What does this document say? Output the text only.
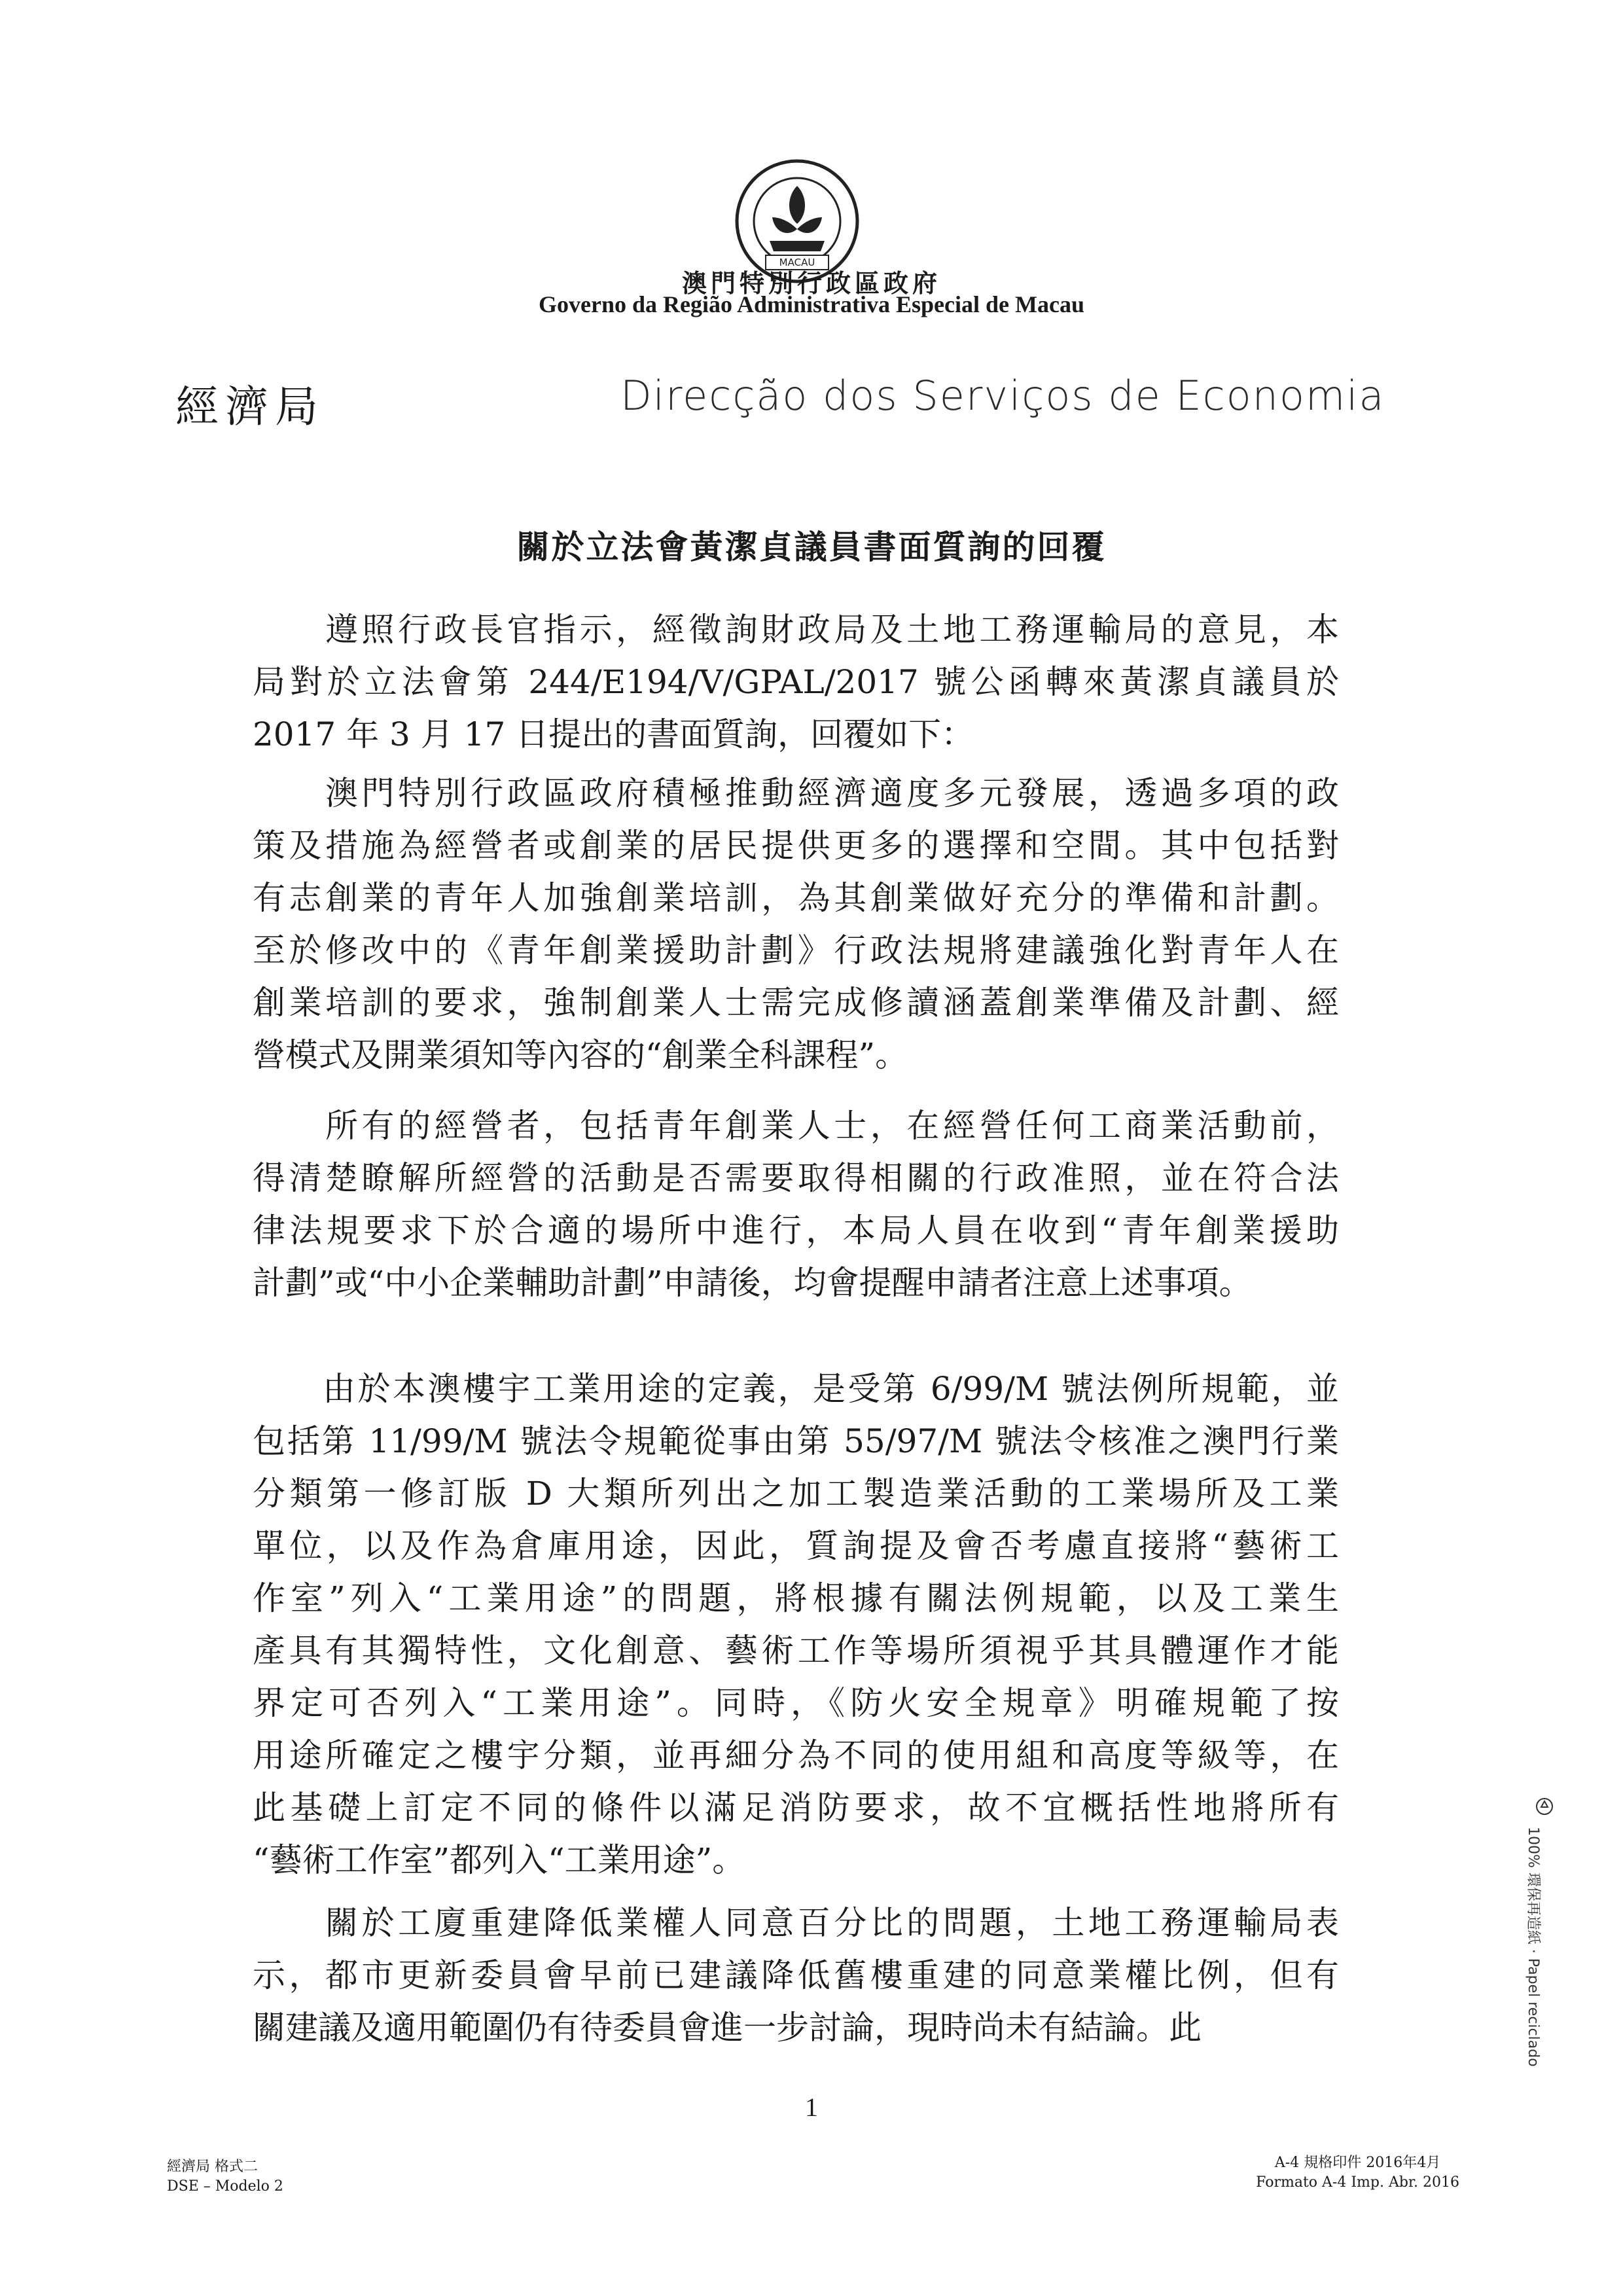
MACAU
澳門特別行政區政府
Governo da Região Administrativa Especial de Macau
經濟局	Direcção dos Serviços de Economia
關於立法會黃潔貞議員書面質詢的回覆
　　遵照行政長官指示，經徵詢財政局及土地工務運輸局的意見，本
局對於立法會第 244/E194/V/GPAL/2017 號公函轉來黃潔貞議員於
2017 年 3 月 17 日提出的書面質詢，回覆如下：
　　澳門特別行政區政府積極推動經濟適度多元發展，透過多項的政
策及措施為經營者或創業的居民提供更多的選擇和空間。其中包括對
有志創業的青年人加強創業培訓，為其創業做好充分的準備和計劃。
至於修改中的《青年創業援助計劃》行政法規將建議強化對青年人在
創業培訓的要求，強制創業人士需完成修讀涵蓋創業準備及計劃、經
營模式及開業須知等內容的“創業全科課程”。
　　所有的經營者，包括青年創業人士，在經營任何工商業活動前，
得清楚瞭解所經營的活動是否需要取得相關的行政准照，並在符合法
律法規要求下於合適的場所中進行，本局人員在收到“青年創業援助
計劃”或“中小企業輔助計劃”申請後，均會提醒申請者注意上述事項。
　　由於本澳樓宇工業用途的定義，是受第 6/99/M 號法例所規範，並
包括第 11/99/M 號法令規範從事由第 55/97/M 號法令核准之澳門行業
分類第一修訂版 D 大類所列出之加工製造業活動的工業場所及工業
單位，以及作為倉庫用途，因此，質詢提及會否考慮直接將“藝術工
作室”列入“工業用途”的問題，將根據有關法例規範，以及工業生
產具有其獨特性，文化創意、藝術工作等場所須視乎其具體運作才能
界定可否列入“工業用途”。同時，《防火安全規章》明確規範了按
用途所確定之樓宇分類，並再細分為不同的使用組和高度等級等，在
此基礎上訂定不同的條件以滿足消防要求，故不宜概括性地將所有
“藝術工作室”都列入“工業用途”。
　　關於工廈重建降低業權人同意百分比的問題，土地工務運輸局表
示，都市更新委員會早前已建議降低舊樓重建的同意業權比例，但有
關建議及適用範圍仍有待委員會進一步討論，現時尚未有結論。此
1
經濟局 格式二
DSE – Modelo 2
A-4 規格印件 2016年4月
Formato A-4 Imp. Abr. 2016
100% 環保再造紙 · Papel reciclado
